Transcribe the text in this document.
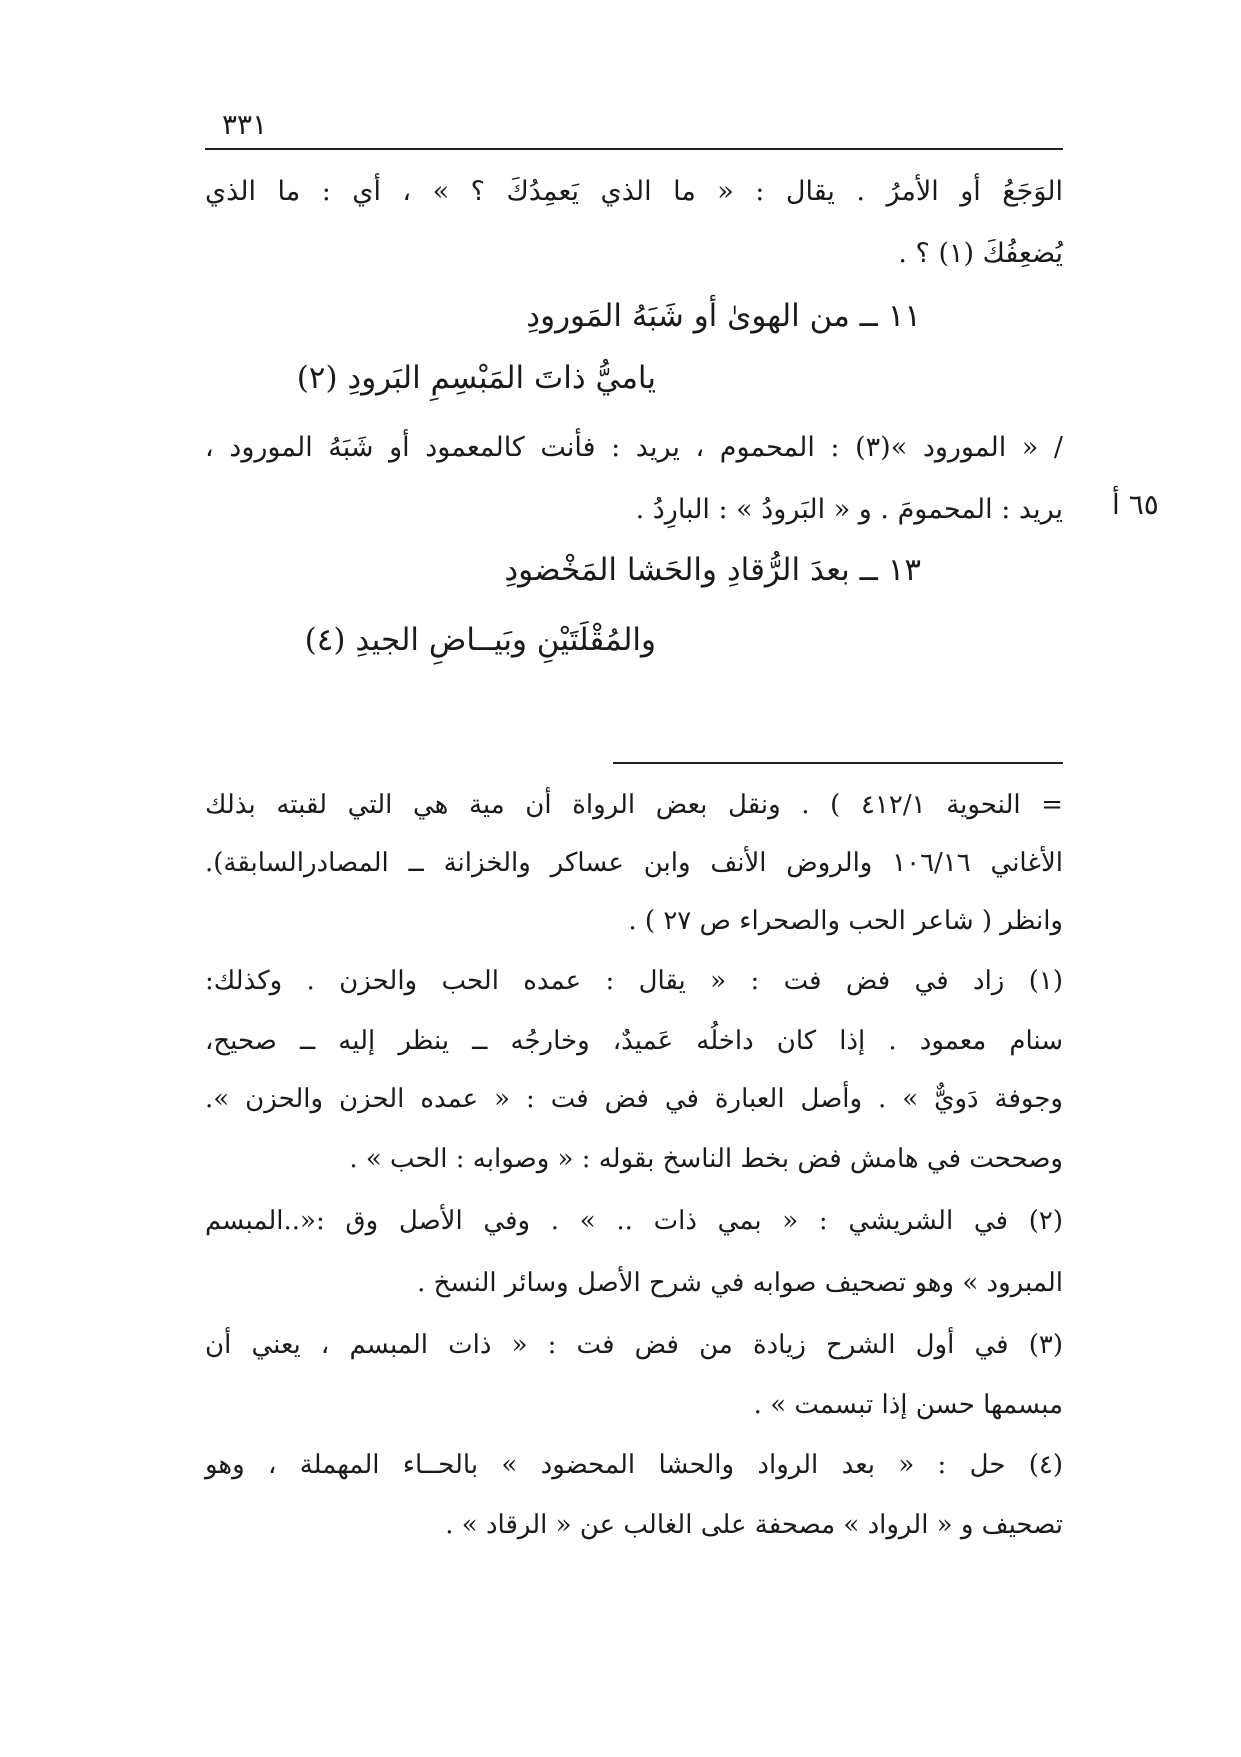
٣٣١
الوَجَعُ أو الأمرُ . يقال : « ما الذي يَعمِدُكَ ؟ » ، أي : ما الذي
يُضعِفُكَ (١) ؟ .
١١ ــ من الهوىٰ أو شَبَهُ المَورودِ
ياميُّ ذاتَ المَبْسِمِ البَرودِ (٢)
٦٥ أ
/ « المورود »(٣) : المحموم ، يريد : فأنت كالمعمود أو شَبَهُ المورود ،
يريد : المحمومَ . و « البَرودُ » : البارِدُ .
١٣ ــ بعدَ الرُّقادِ والحَشا المَخْضودِ
والمُقْلَتَيْنِ وبَيــاضِ الجيدِ (٤)
= النحوية ٤١٢/١ ) . ونقل بعض الرواة أن مية هي التي لقبته بذلك
الأغاني ١٠٦/١٦ والروض الأنف وابن عساكر والخزانة ــ المصادرالسابقة).
وانظر ( شاعر الحب والصحراء ص ٢٧ ) .
(١) زاد في فض فت : « يقال : عمده الحب والحزن . وكذلك:
سنام معمود . إذا كان داخلُه عَميدٌ، وخارجُه ــ ينظر إليه ــ صحيح،
وجوفة دَويٌّ » . وأصل العبارة في فض فت : « عمده الحزن والحزن ».
وصححت في هامش فض بخط الناسخ بقوله : « وصوابه : الحب » .
(٢) في الشريشي : « بمي ذات .. » . وفي الأصل وق :«..المبسم
المبرود » وهو تصحيف صوابه في شرح الأصل وسائر النسخ .
(٣) في أول الشرح زيادة من فض فت : « ذات المبسم ، يعني أن
مبسمها حسن إذا تبسمت » .
(٤) حل : « بعد الرواد والحشا المحضود » بالحــاء المهملة ، وهو
تصحيف و « الرواد » مصحفة على الغالب عن « الرقاد » .
